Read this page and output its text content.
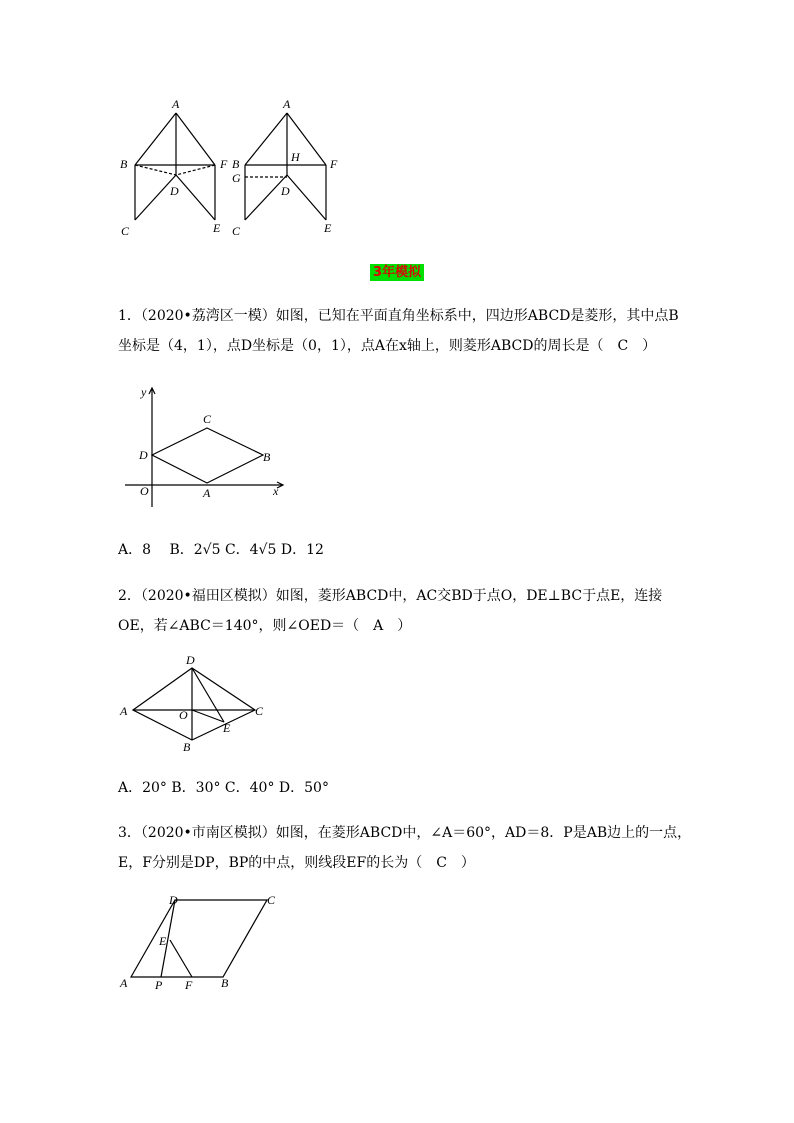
A
B	F
D
C	E
A
B	H	F
G
D
C	E
3年模拟
1．（2020•荔湾区一模）如图，已知在平面直角坐标系中，四边形ABCD是菱形，其中点B
坐标是（4，1），点D坐标是（0，1），点A在x轴上，则菱形ABCD的周长是（　C　）
y
x
O
D
C
B
A
A．8　 B．2√5 C．4√5 D．12
2．（2020•福田区模拟）如图，菱形ABCD中，AC交BD于点O，DE⊥BC于点E，连接
OE，若∠ABC＝140°，则∠OED＝（　A　）
D
A	O	C
E
B
A．20° B．30° C．40° D．50°
3．（2020•市南区模拟）如图，在菱形ABCD中，∠A＝60°，AD＝8．P是AB边上的一点，
E，F分别是DP，BP的中点，则线段EF的长为（　C　）
D	C
E
A P F B
